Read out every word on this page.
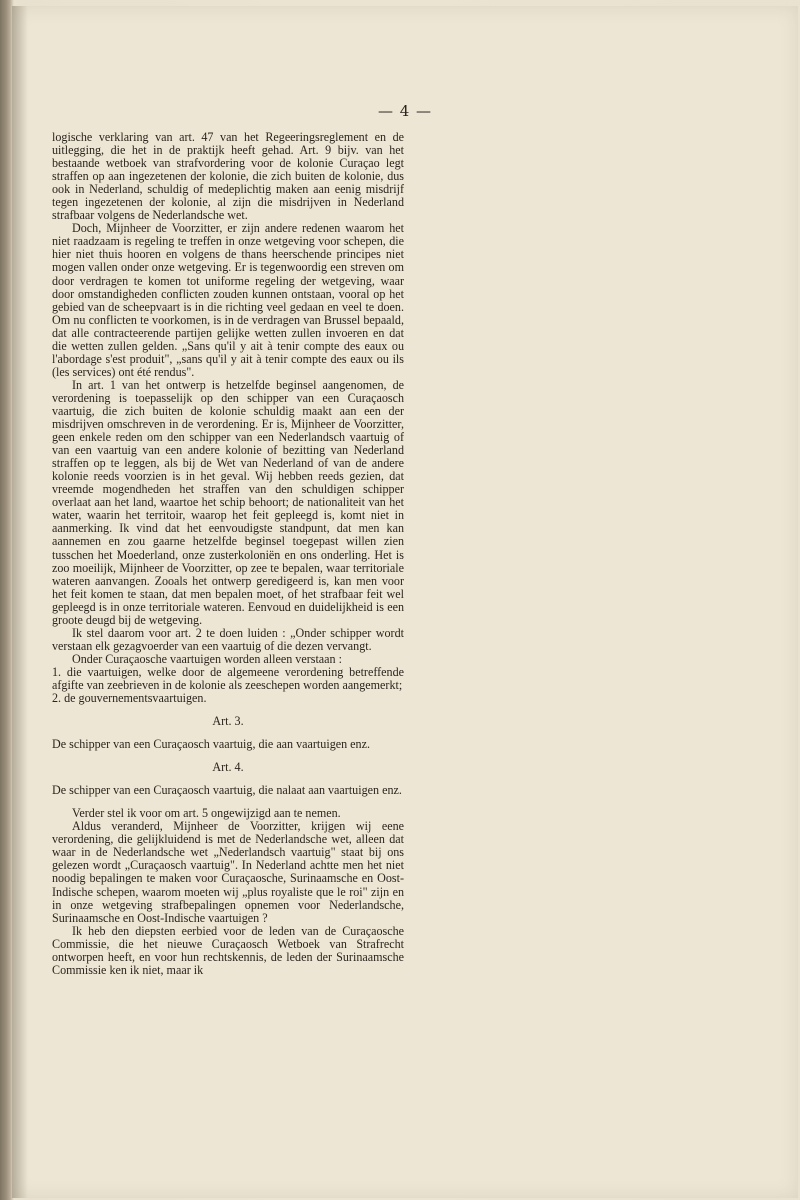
— 4 —

logische verklaring van art. 47 van het Regeeringsreglement en de uitlegging, die het in de praktijk heeft gehad. Art. 9 bijv. van het bestaande wetboek van strafvordering voor de kolonie Curaçao legt straffen op aan ingezetenen der kolonie, die zich buiten de kolonie, dus ook in Nederland, schuldig of medeplichtig maken aan eenig misdrijf tegen ingezetenen der kolonie, al zijn die misdrijven in Nederland strafbaar volgens de Nederlandsche wet.

Doch, Mijnheer de Voorzitter, er zijn andere redenen waarom het niet raadzaam is regeling te treffen in onze wetgeving voor schepen, die hier niet thuis hooren en volgens de thans heerschende principes niet mogen vallen onder onze wetgeving. Er is tegenwoordig een streven om door verdragen te komen tot uniforme regeling der wetgeving, waar door omstandigheden conflicten zouden kunnen ontstaan, vooral op het gebied van de scheepvaart is in die richting veel gedaan en veel te doen. Om nu conflicten te voorkomen, is in de verdragen van Brussel bepaald, dat alle contracteerende partijen gelijke wetten zullen invoeren en dat die wetten zullen gelden. „Sans qu'il y ait à tenir compte des eaux ou l'abordage s'est produit", „sans qu'il y ait à tenir compte des eaux ou ils (les services) ont été rendus".

In art. 1 van het ontwerp is hetzelfde beginsel aangenomen, de verordening is toepasselijk op den schipper van een Curaçaosch vaartuig, die zich buiten de kolonie schuldig maakt aan een der misdrijven omschreven in de verordening. Er is, Mijnheer de Voorzitter, geen enkele reden om den schipper van een Nederlandsch vaartuig of van een vaartuig van een andere kolonie of bezitting van Nederland straffen op te leggen, als bij de Wet van Nederland of van de andere kolonie reeds voorzien is in het geval. Wij hebben reeds gezien, dat vreemde mogendheden het straffen van den schuldigen schipper overlaat aan het land, waartoe het schip behoort; de nationaliteit van het water, waarin het territoir, waarop het feit gepleegd is, komt niet in aanmerking. Ik vind dat het eenvoudigste standpunt, dat men kan aannemen en zou gaarne hetzelfde beginsel toegepast willen zien tusschen het Moederland, onze zusterkoloniën en ons onderling. Het is zoo moeilijk, Mijnheer de Voorzitter, op zee te bepalen, waar territoriale wateren aanvangen. Zooals het ontwerp geredigeerd is, kan men voor het feit komen te staan, dat men bepalen moet, of het strafbaar feit wel gepleegd is in onze territoriale wateren. Eenvoud en duidelijkheid is een groote deugd bij de wetgeving.

Ik stel daarom voor art. 2 te doen luiden : „Onder schipper wordt verstaan elk gezagvoerder van een vaartuig of die dezen vervangt.

Onder Curaçaosche vaartuigen worden alleen verstaan :

1. die vaartuigen, welke door de algemeene verordening betreffende afgifte van zeebrieven in de kolonie als zeeschepen worden aangemerkt;

2. de gouvernementsvaartuigen.

Art. 3.

De schipper van een Curaçaosch vaartuig, die aan vaartuigen enz.

Art. 4.

De schipper van een Curaçaosch vaartuig, die nalaat aan vaartuigen enz.

Verder stel ik voor om art. 5 ongewijzigd aan te nemen.

Aldus veranderd, Mijnheer de Voorzitter, krijgen wij eene verordening, die gelijkluidend is met de Nederlandsche wet, alleen dat waar in de Nederlandsche wet „Nederlandsch vaartuig" staat bij ons gelezen wordt „Curaçaosch vaartuig". In Nederland achtte men het niet noodig bepalingen te maken voor Curaçaosche, Surinaamsche en Oost-Indische schepen, waarom moeten wij „plus royaliste que le roi" zijn en in onze wetgeving strafbepalingen opnemen voor Nederlandsche, Surinaamsche en Oost-Indische vaartuigen ?

Ik heb den diepsten eerbied voor de leden van de Curaçaosche Commissie, die het nieuwe Curaçaosch Wetboek van Strafrecht ontworpen heeft, en voor hun rechtskennis, de leden der Surinaamsche Commissie ken ik niet, maar ik
